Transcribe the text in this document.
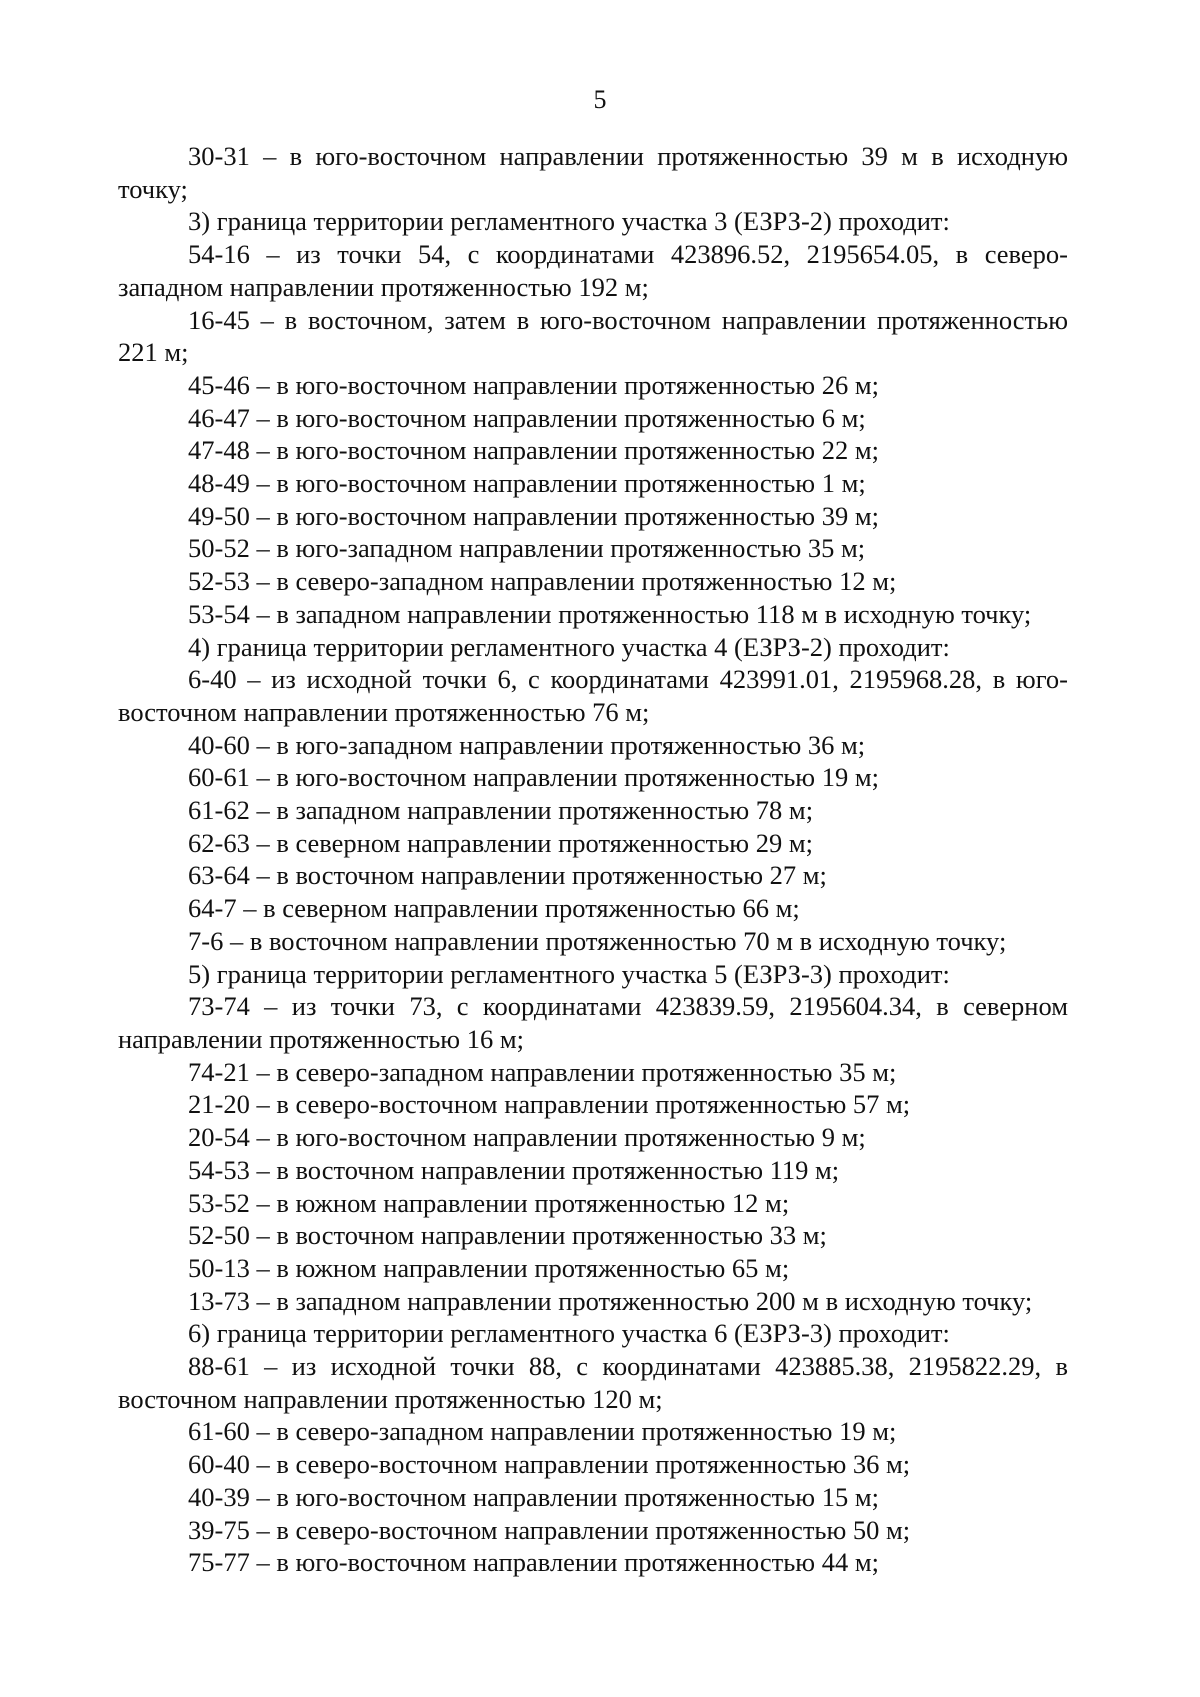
5

30-31 – в юго-восточном направлении протяженностью 39 м в исходную точку;

3) граница территории регламентного участка 3 (ЕЗРЗ-2) проходит:

54-16 – из точки 54, с координатами 423896.52, 2195654.05, в северо-западном направлении протяженностью 192 м;

16-45 – в восточном, затем в юго-восточном направлении протяженностью 221 м;

45-46 – в юго-восточном направлении протяженностью 26 м;

46-47 – в юго-восточном направлении протяженностью 6 м;

47-48 – в юго-восточном направлении протяженностью 22 м;

48-49 – в юго-восточном направлении протяженностью 1 м;

49-50 – в юго-восточном направлении протяженностью 39 м;

50-52 – в юго-западном направлении протяженностью 35 м;

52-53 – в северо-западном направлении протяженностью 12 м;

53-54 – в западном направлении протяженностью 118 м в исходную точку;

4) граница территории регламентного участка 4 (ЕЗРЗ-2) проходит:

6-40 – из исходной точки 6, с координатами 423991.01, 2195968.28, в юго-восточном направлении протяженностью 76 м;

40-60 – в юго-западном направлении протяженностью 36 м;

60-61 – в юго-восточном направлении протяженностью 19 м;

61-62 – в западном направлении протяженностью 78 м;

62-63 – в северном направлении протяженностью 29 м;

63-64 – в восточном направлении протяженностью 27 м;

64-7 – в северном направлении протяженностью 66 м;

7-6 – в восточном направлении протяженностью 70 м в исходную точку;

5) граница территории регламентного участка 5 (ЕЗРЗ-3) проходит:

73-74 – из точки 73, с координатами 423839.59, 2195604.34, в северном направлении протяженностью 16 м;

74-21 – в северо-западном направлении протяженностью 35 м;

21-20 – в северо-восточном направлении протяженностью 57 м;

20-54 – в юго-восточном направлении протяженностью 9 м;

54-53 – в восточном направлении протяженностью 119 м;

53-52 – в южном направлении протяженностью 12 м;

52-50 – в восточном направлении протяженностью 33 м;

50-13 – в южном направлении протяженностью 65 м;

13-73 – в западном направлении протяженностью 200 м в исходную точку;

6) граница территории регламентного участка 6 (ЕЗРЗ-3) проходит:

88-61 – из исходной точки 88, с координатами 423885.38, 2195822.29, в восточном направлении протяженностью 120 м;

61-60 – в северо-западном направлении протяженностью 19 м;

60-40 – в северо-восточном направлении протяженностью 36 м;

40-39 – в юго-восточном направлении протяженностью 15 м;

39-75 – в северо-восточном направлении протяженностью 50 м;

75-77 – в юго-восточном направлении протяженностью 44 м;
